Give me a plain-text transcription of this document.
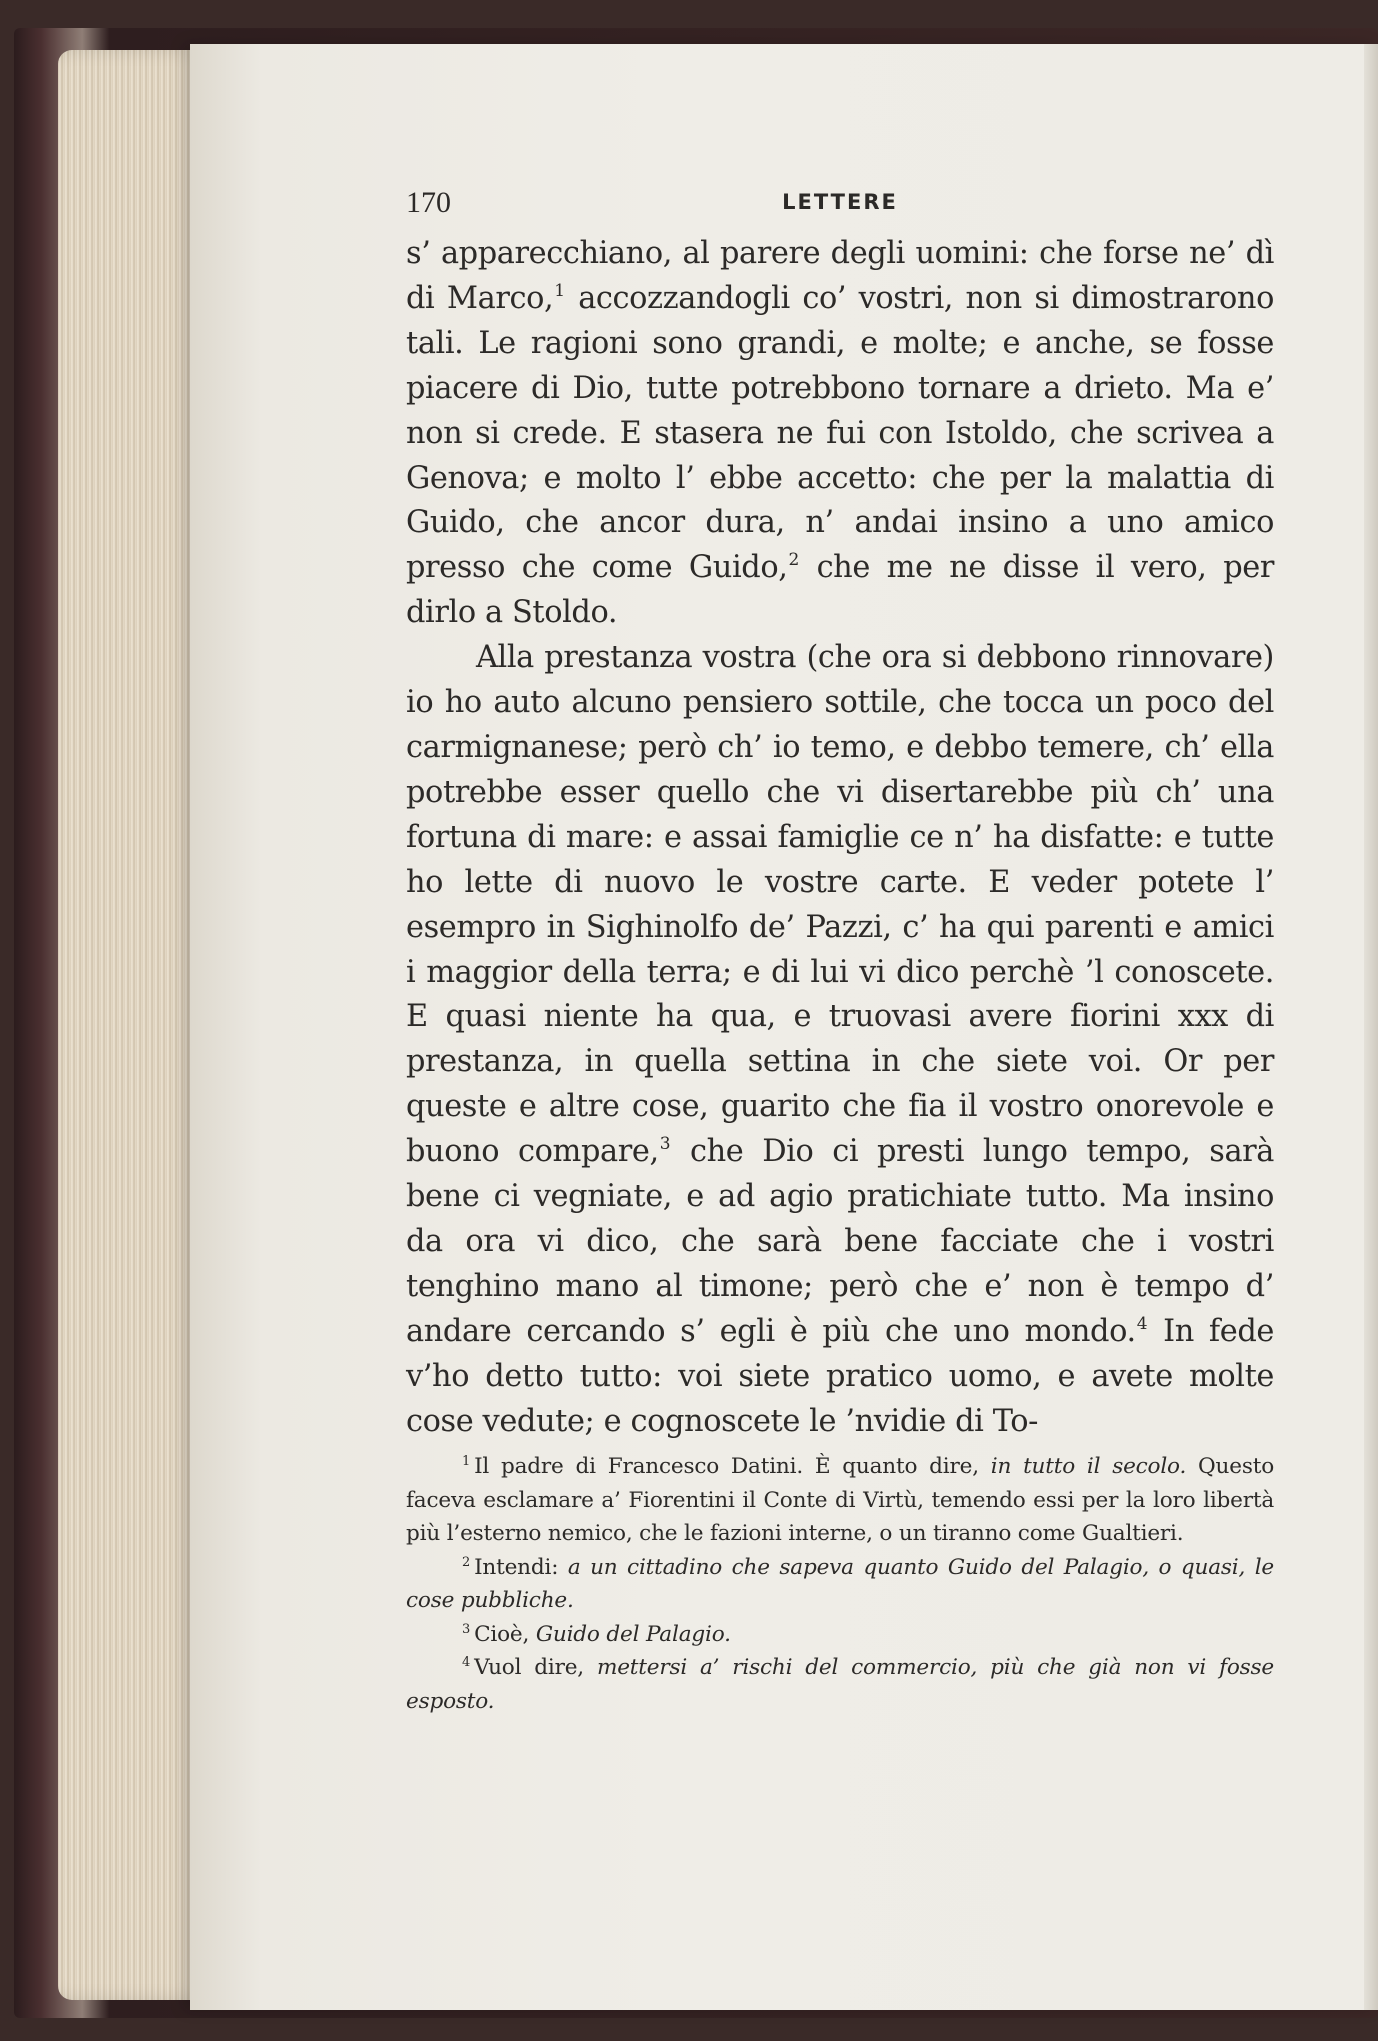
170	LETTERE

s’ apparecchiano, al parere degli uomini: che forse ne’ dì di Marco,$^1$ accozzandogli co’ vostri, non si dimostrarono tali. Le ragioni sono grandi, e molte; e anche, se fosse piacere di Dio, tutte potrebbono tornare a drieto. Ma e’ non si crede. E stasera ne fui con Istoldo, che scrivea a Genova; e molto l’ ebbe accetto: che per la malattia di Guido, che ancor dura, n’ andai insino a uno amico presso che come Guido,$^2$ che me ne disse il vero, per dirlo a Stoldo.

Alla prestanza vostra (che ora si debbono rinnovare) io ho auto alcuno pensiero sottile, che tocca un poco del carmignanese; però ch’ io temo, e debbo temere, ch’ ella potrebbe esser quello che vi disertarebbe più ch’ una fortuna di mare: e assai famiglie ce n’ ha disfatte: e tutte ho lette di nuovo le vostre carte. E veder potete l’ esempro in Sighinolfo de’ Pazzi, c’ ha qui parenti e amici i maggior della terra; e di lui vi dico perchè ’l conoscete. E quasi niente ha qua, e truovasi avere fiorini xxx di prestanza, in quella settina in che siete voi. Or per queste e altre cose, guarito che fia il vostro onorevole e buono compare,$^3$ che Dio ci presti lungo tempo, sarà bene ci vegniate, e ad agio pratichiate tutto. Ma insino da ora vi dico, che sarà bene facciate che i vostri tenghino mano al timone; però che e’ non è tempo d’ andare cercando s’ egli è più che uno mondo.$^4$ In fede v’ho detto tutto: voi siete pratico uomo, e avete molte cose vedute; e cognoscete le ’nvidie di To-

$^1$ Il padre di Francesco Datini. È quanto dire, in tutto il secolo. Questo faceva esclamare a’ Fiorentini il Conte di Virtù, temendo essi per la loro libertà più l’esterno nemico, che le fazioni interne, o un tiranno come Gualtieri.

$^2$ Intendi: a un cittadino che sapeva quanto Guido del Palagio, o quasi, le cose pubbliche.

$^3$ Cioè, Guido del Palagio.

$^4$ Vuol dire, mettersi a’ rischi del commercio, più che già non vi fosse esposto.
